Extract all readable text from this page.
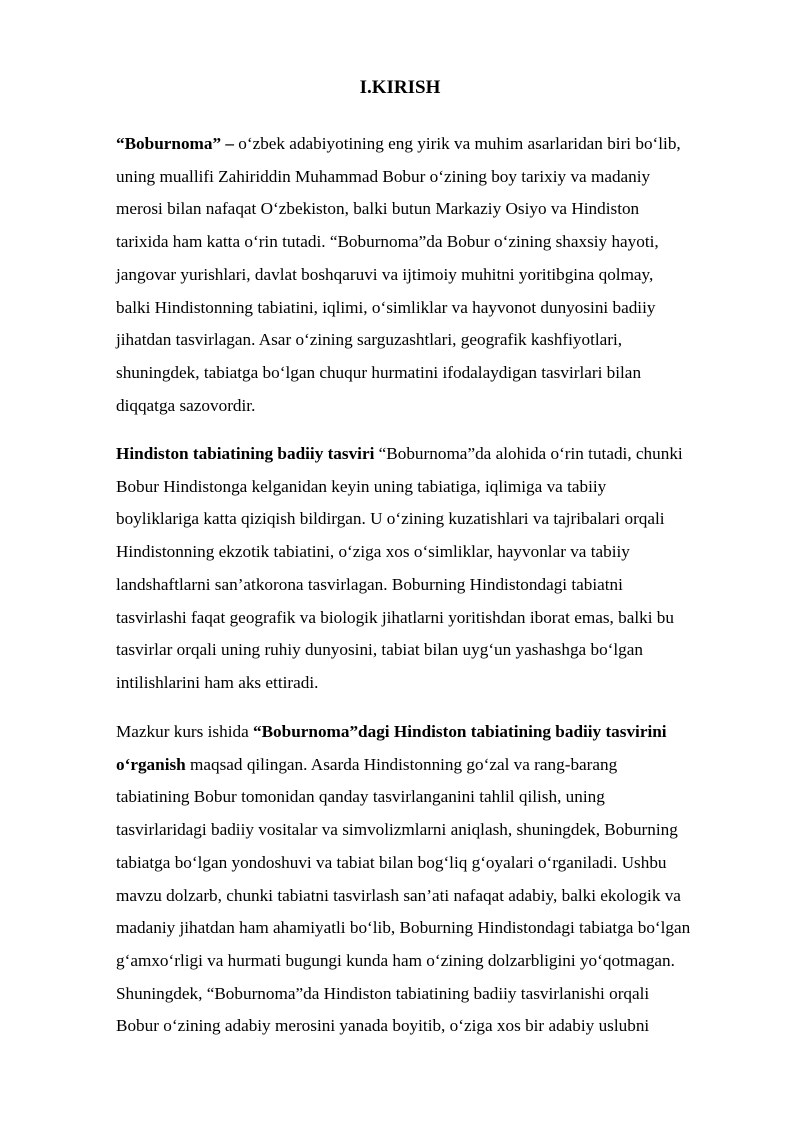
I.KIRISH
“Boburnoma” – o‘zbek adabiyotining eng yirik va muhim asarlaridan biri bo‘lib,
uning muallifi Zahiriddin Muhammad Bobur o‘zining boy tarixiy va madaniy
merosi bilan nafaqat O‘zbekiston, balki butun Markaziy Osiyo va Hindiston
tarixida ham katta o‘rin tutadi. “Boburnoma”da Bobur o‘zining shaxsiy hayoti,
jangovar yurishlari, davlat boshqaruvi va ijtimoiy muhitni yoritibgina qolmay,
balki Hindistonning tabiatini, iqlimi, o‘simliklar va hayvonot dunyosini badiiy
jihatdan tasvirlagan. Asar o‘zining sarguzashtlari, geografik kashfiyotlari,
shuningdek, tabiatga bo‘lgan chuqur hurmatini ifodalaydigan tasvirlari bilan
diqqatga sazovordir.
Hindiston tabiatining badiiy tasviri “Boburnoma”da alohida o‘rin tutadi, chunki
Bobur Hindistonga kelganidan keyin uning tabiatiga, iqlimiga va tabiiy
boyliklariga katta qiziqish bildirgan. U o‘zining kuzatishlari va tajribalari orqali
Hindistonning ekzotik tabiatini, o‘ziga xos o‘simliklar, hayvonlar va tabiiy
landshaftlarni san’atkorona tasvirlagan. Boburning Hindistondagi tabiatni
tasvirlashi faqat geografik va biologik jihatlarni yoritishdan iborat emas, balki bu
tasvirlar orqali uning ruhiy dunyosini, tabiat bilan uyg‘un yashashga bo‘lgan
intilishlarini ham aks ettiradi.
Mazkur kurs ishida “Boburnoma”dagi Hindiston tabiatining badiiy tasvirini
o‘rganish maqsad qilingan. Asarda Hindistonning go‘zal va rang-barang
tabiatining Bobur tomonidan qanday tasvirlanganini tahlil qilish, uning
tasvirlaridagi badiiy vositalar va simvolizmlarni aniqlash, shuningdek, Boburning
tabiatga bo‘lgan yondoshuvi va tabiat bilan bog‘liq g‘oyalari o‘rganiladi. Ushbu
mavzu dolzarb, chunki tabiatni tasvirlash san’ati nafaqat adabiy, balki ekologik va
madaniy jihatdan ham ahamiyatli bo‘lib, Boburning Hindistondagi tabiatga bo‘lgan
g‘amxo‘rligi va hurmati bugungi kunda ham o‘zining dolzarbligini yo‘qotmagan.
Shuningdek, “Boburnoma”da Hindiston tabiatining badiiy tasvirlanishi orqali
Bobur o‘zining adabiy merosini yanada boyitib, o‘ziga xos bir adabiy uslubni
